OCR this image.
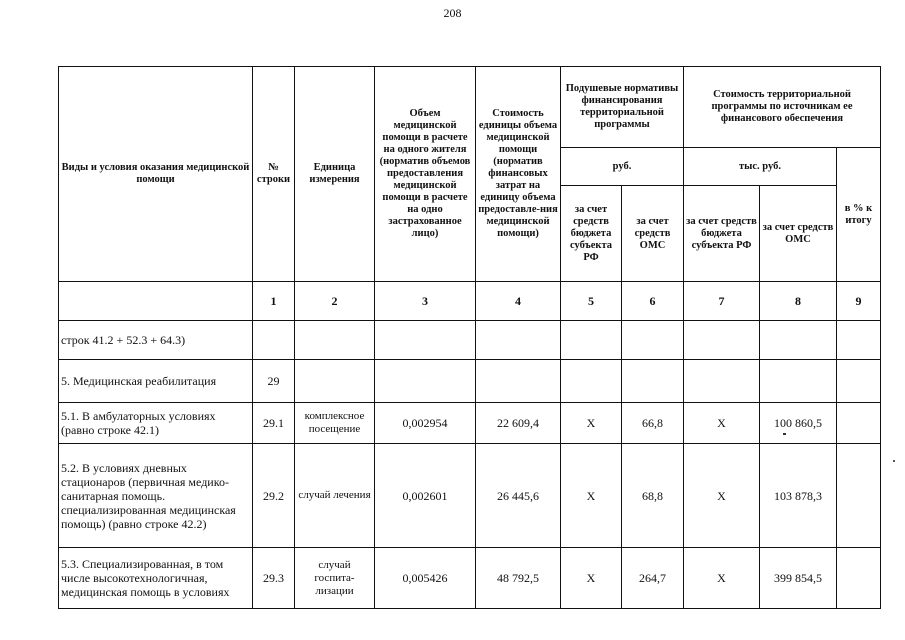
208
Виды и условия оказания медицинской помощи	№ строки	Единица измерения	Объем медицинской помощи в расчете на одного жителя (норматив объемов предоставления медицинской помощи в расчете на одно застрахованное лицо)	Стоимость единицы объема медицинской помощи (норматив финансовых затрат на единицу объема предоставле-ния медицинской помощи)	Подушевые нормативы финансирования территориальной программы		Стоимость территориальной программы по источникам ее финансового обеспечения		
					руб.		тыс. руб.		в % к итогу
					за счет средств бюджета субъекта РФ	за счет средств ОМС	за счет средств бюджета субъекта РФ	за счет средств ОМС	
	1	2	3	4	5	6	7	8	9
строк 41.2 + 52.3 + 64.3)									
5. Медицинская реабилитация	29								
5.1. В амбулаторных условиях (равно строке 42.1)	29.1	комплексное посещение	0,002954	22 609,4	X	66,8	X	100 860,5	
5.2. В условиях дневных стационаров (первичная медико-санитарная помощь. специализированная медицинская помощь) (равно строке 42.2)	29.2	случай лечения	0,002601	26 445,6	X	68,8	X	103 878,3	
5.3. Специализированная, в том числе высокотехнологичная, медицинская помощь в условиях	29.3	случай госпита-лизации	0,005426	48 792,5	X	264,7	X	399 854,5	
